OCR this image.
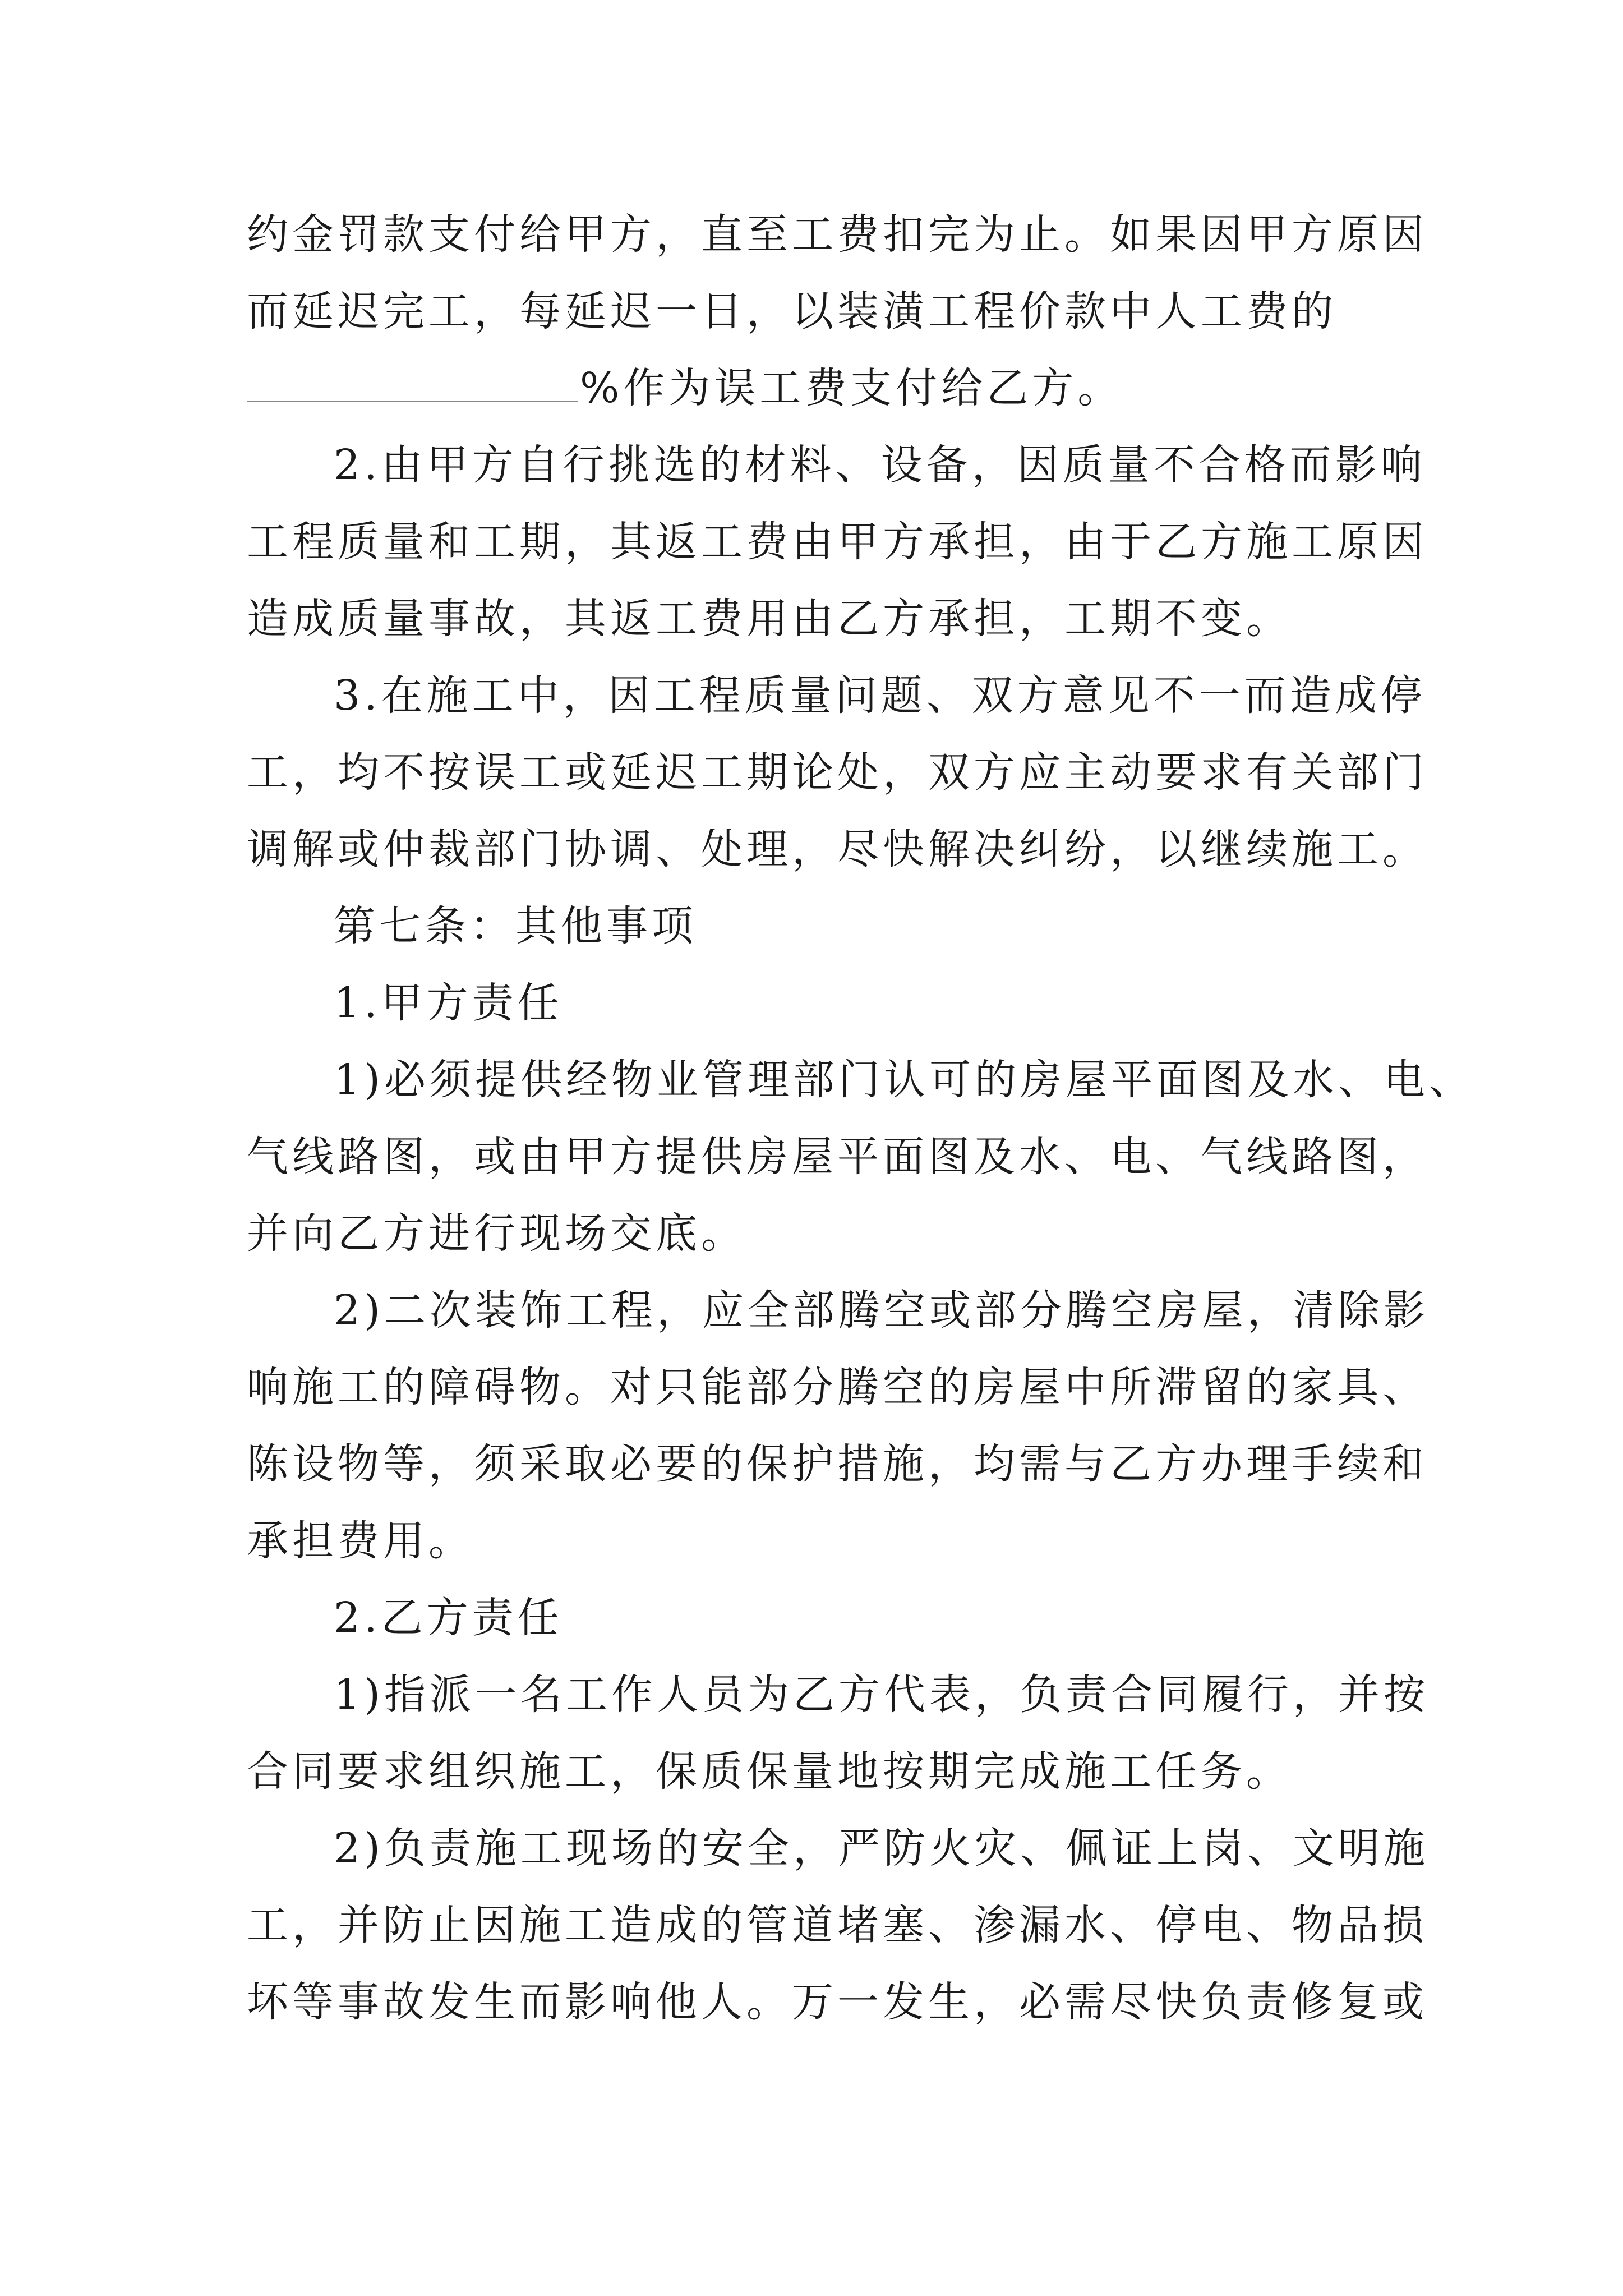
约金罚款支付给甲方，直至工费扣完为止。如果因甲方原因
而延迟完工，每延迟一日，以装潢工程价款中人工费的
%作为误工费支付给乙方。
2.由甲方自行挑选的材料、设备，因质量不合格而影响
工程质量和工期，其返工费由甲方承担，由于乙方施工原因
造成质量事故，其返工费用由乙方承担，工期不变。
3.在施工中，因工程质量问题、双方意见不一而造成停
工，均不按误工或延迟工期论处，双方应主动要求有关部门
调解或仲裁部门协调、处理，尽快解决纠纷，以继续施工。
第七条：其他事项
1.甲方责任
1)必须提供经物业管理部门认可的房屋平面图及水、电、
气线路图，或由甲方提供房屋平面图及水、电、气线路图，
并向乙方进行现场交底。
2)二次装饰工程，应全部腾空或部分腾空房屋，清除影
响施工的障碍物。对只能部分腾空的房屋中所滞留的家具、
陈设物等，须采取必要的保护措施，均需与乙方办理手续和
承担费用。
2.乙方责任
1)指派一名工作人员为乙方代表，负责合同履行，并按
合同要求组织施工，保质保量地按期完成施工任务。
2)负责施工现场的安全，严防火灾、佩证上岗、文明施
工，并防止因施工造成的管道堵塞、渗漏水、停电、物品损
坏等事故发生而影响他人。万一发生，必需尽快负责修复或
